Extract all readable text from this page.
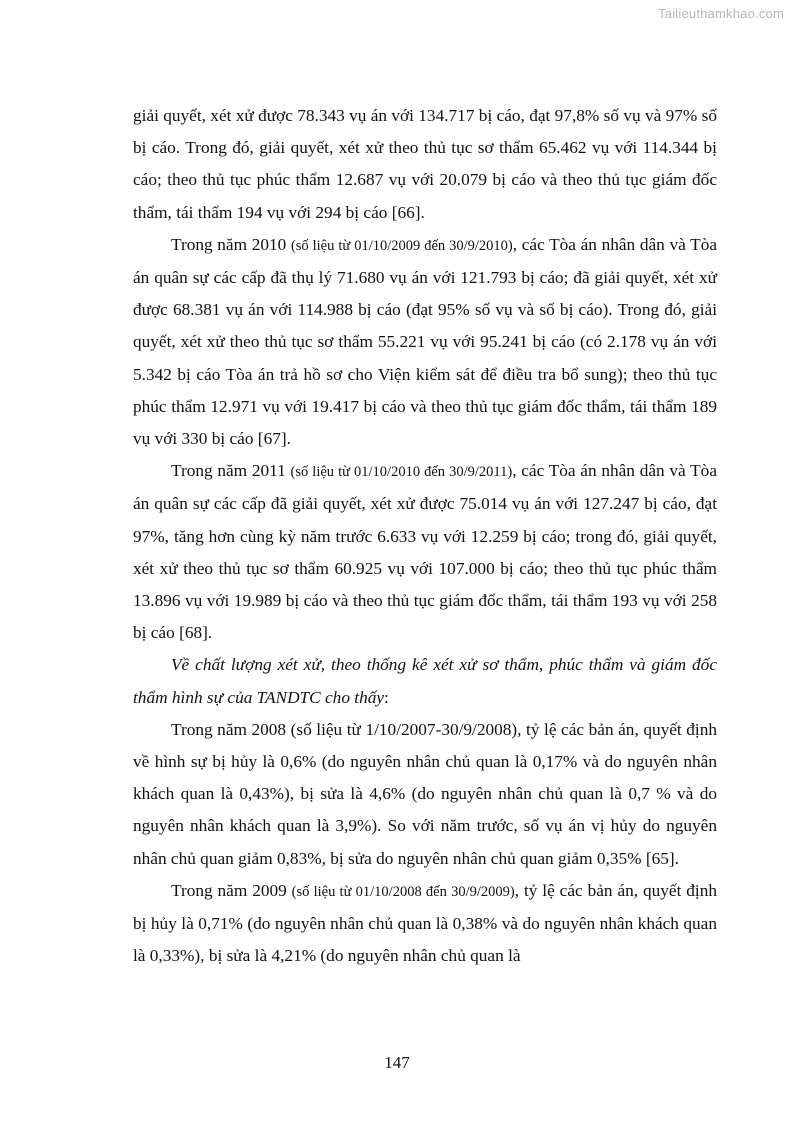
Tailieuthamkhao.com

giải quyết, xét xử được 78.343 vụ án với 134.717 bị cáo, đạt 97,8% số vụ và 97% số bị cáo. Trong đó, giải quyết, xét xử theo thủ tục sơ thẩm 65.462 vụ với 114.344 bị cáo; theo thủ tục phúc thẩm 12.687 vụ với 20.079 bị cáo và theo thủ tục giám đốc thẩm, tái thẩm 194 vụ với 294 bị cáo [66].

Trong năm 2010 (số liệu từ 01/10/2009 đến 30/9/2010), các Tòa án nhân dân và Tòa án quân sự các cấp đã thụ lý 71.680 vụ án với 121.793 bị cáo; đã giải quyết, xét xử được 68.381 vụ án với 114.988 bị cáo (đạt 95% số vụ và số bị cáo). Trong đó, giải quyết, xét xử theo thủ tục sơ thẩm 55.221 vụ với 95.241 bị cáo (có 2.178 vụ án với 5.342 bị cáo Tòa án trả hồ sơ cho Viện kiểm sát để điều tra bổ sung); theo thủ tục phúc thẩm 12.971 vụ với 19.417 bị cáo và theo thủ tục giám đốc thẩm, tái thẩm 189 vụ với 330 bị cáo [67].

Trong năm 2011 (số liệu từ 01/10/2010 đến 30/9/2011), các Tòa án nhân dân và Tòa án quân sự các cấp đã giải quyết, xét xử được 75.014 vụ án với 127.247 bị cáo, đạt 97%, tăng hơn cùng kỳ năm trước 6.633 vụ với 12.259 bị cáo; trong đó, giải quyết, xét xử theo thủ tục sơ thẩm 60.925 vụ với 107.000 bị cáo; theo thủ tục phúc thẩm 13.896 vụ với 19.989 bị cáo và theo thủ tục giám đốc thẩm, tái thẩm 193 vụ với 258 bị cáo [68].

Về chất lượng xét xử, theo thống kê xét xử sơ thẩm, phúc thẩm và giám đốc thẩm hình sự của TANDTC cho thấy:

Trong năm 2008 (số liệu từ 1/10/2007-30/9/2008), tỷ lệ các bản án, quyết định về hình sự bị hủy là 0,6% (do nguyên nhân chủ quan là 0,17% và do nguyên nhân khách quan là 0,43%), bị sửa là 4,6% (do nguyên nhân chủ quan là 0,7 % và do nguyên nhân khách quan là 3,9%). So với năm trước, số vụ án vị hủy do nguyên nhân chủ quan giảm 0,83%, bị sửa do nguyên nhân chủ quan giảm 0,35% [65].

Trong năm 2009 (số liệu từ 01/10/2008 đến 30/9/2009), tỷ lệ các bản án, quyết định bị hủy là 0,71% (do nguyên nhân chủ quan là 0,38% và do nguyên nhân khách quan là 0,33%), bị sửa là 4,21% (do nguyên nhân chủ quan là

147
